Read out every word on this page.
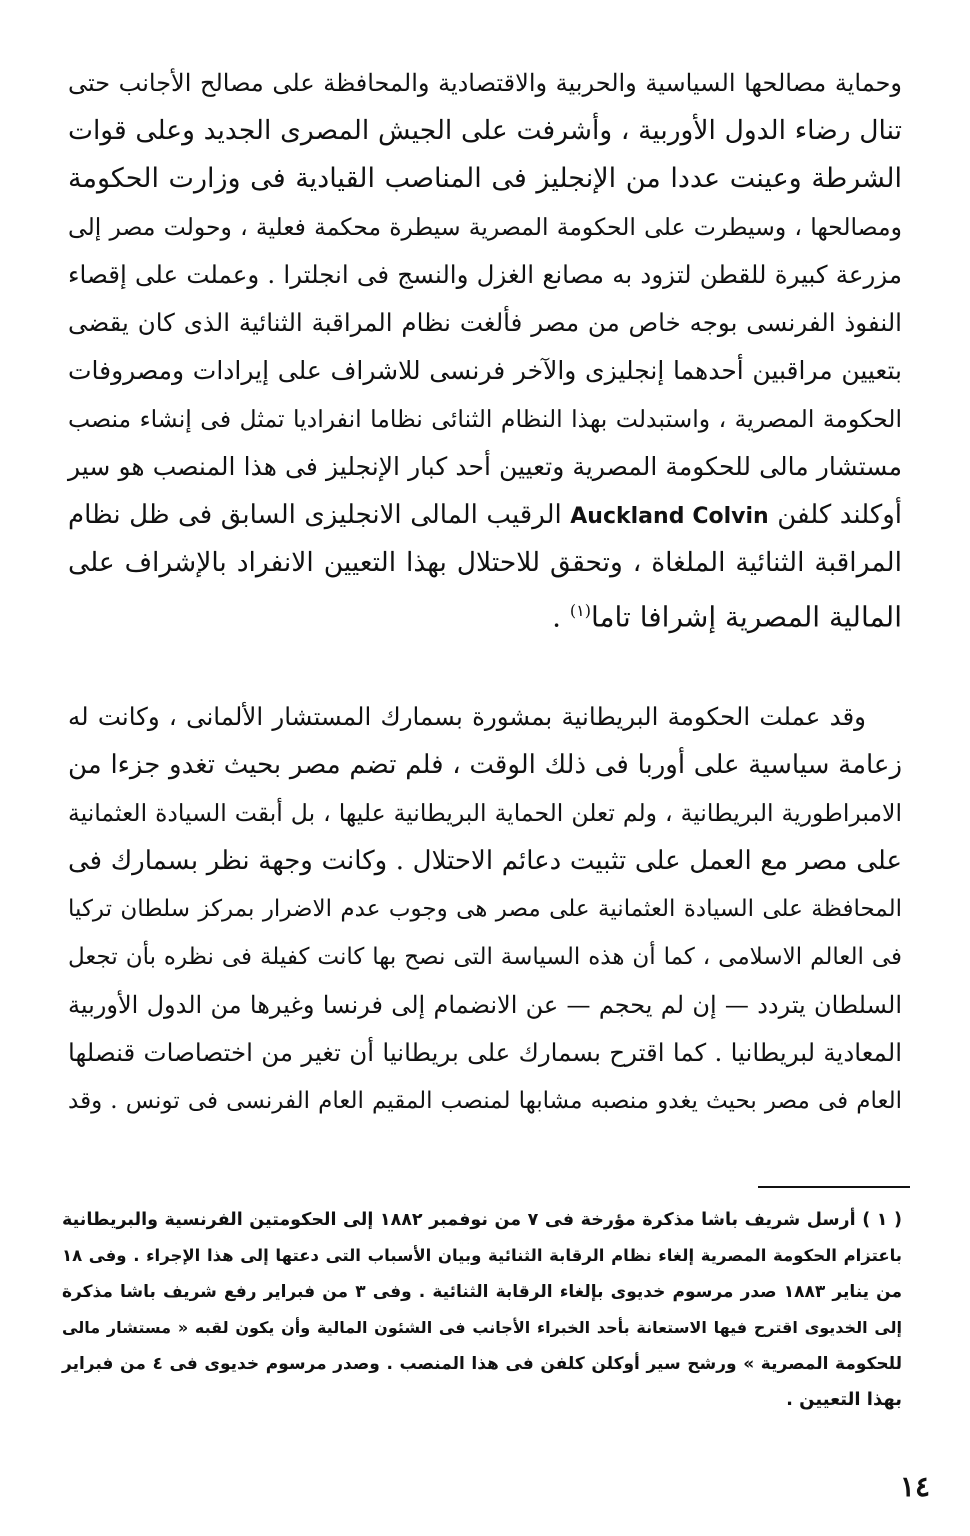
وحماية مصالحها السياسية والحربية والاقتصادية والمحافظة على مصالح الأجانب حتى
تنال رضاء الدول الأوربية ، وأشرفت على الجيش المصرى الجديد وعلى قوات
الشرطة وعينت عددا من الإنجليز فى المناصب القيادية فى وزارت الحكومة
ومصالحها ، وسيطرت على الحكومة المصرية سيطرة محكمة فعلية ، وحولت مصر إلى
مزرعة كبيرة للقطن لتزود به مصانع الغزل والنسج فى انجلترا . وعملت على إقصاء
النفوذ الفرنسى بوجه خاص من مصر فألغت نظام المراقبة الثنائية الذى كان يقضى
بتعيين مراقبين أحدهما إنجليزى والآخر فرنسى للاشراف على إيرادات ومصروفات
الحكومة المصرية ، واستبدلت بهذا النظام الثنائى نظاما انفراديا تمثل فى إنشاء منصب
مستشار مالى للحكومة المصرية وتعيين أحد كبار الإنجليز فى هذا المنصب هو سير
أوكلند كلفن Auckland Colvin الرقيب المالى الانجليزى السابق فى ظل نظام
المراقبة الثنائية الملغاة ، وتحقق للاحتلال بهذا التعيين الانفراد بالإشراف على
المالية المصرية إشرافا تاما$^{(١)}$ .
وقد عملت الحكومة البريطانية بمشورة بسمارك المستشار الألمانى ، وكانت له
زعامة سياسية على أوربا فى ذلك الوقت ، فلم تضم مصر بحيث تغدو جزءا من
الامبراطورية البريطانية ، ولم تعلن الحماية البريطانية عليها ، بل أبقت السيادة العثمانية
على مصر مع العمل على تثبيت دعائم الاحتلال . وكانت وجهة نظر بسمارك فى
المحافظة على السيادة العثمانية على مصر هى وجوب عدم الاضرار بمركز سلطان تركيا
فى العالم الاسلامى ، كما أن هذه السياسة التى نصح بها كانت كفيلة فى نظره بأن تجعل
السلطان يتردد — إن لم يحجم — عن الانضمام إلى فرنسا وغيرها من الدول الأوربية
المعادية لبريطانيا . كما اقترح بسمارك على بريطانيا أن تغير من اختصاصات قنصلها
العام فى مصر بحيث يغدو منصبه مشابها لمنصب المقيم العام الفرنسى فى تونس . وقد
( ١ ) أرسل شريف باشا مذكرة مؤرخة فى ٧ من نوفمبر ١٨٨٢ إلى الحكومتين الفرنسية والبريطانية
باعتزام الحكومة المصرية إلغاء نظام الرقابة الثنائية وبيان الأسباب التى دعتها إلى هذا الإجراء . وفى ١٨
من يناير ١٨٨٣ صدر مرسوم خديوى بإلغاء الرقابة الثنائية . وفى ٣ من فبراير رفع شريف باشا مذكرة
إلى الخديوى اقترح فيها الاستعانة بأحد الخبراء الأجانب فى الشئون المالية وأن يكون لقبه « مستشار مالى
للحكومة المصرية » ورشح سير أوكلن كلفن فى هذا المنصب . وصدر مرسوم خديوى فى ٤ من فبراير
بهذا التعيين .
١٤
